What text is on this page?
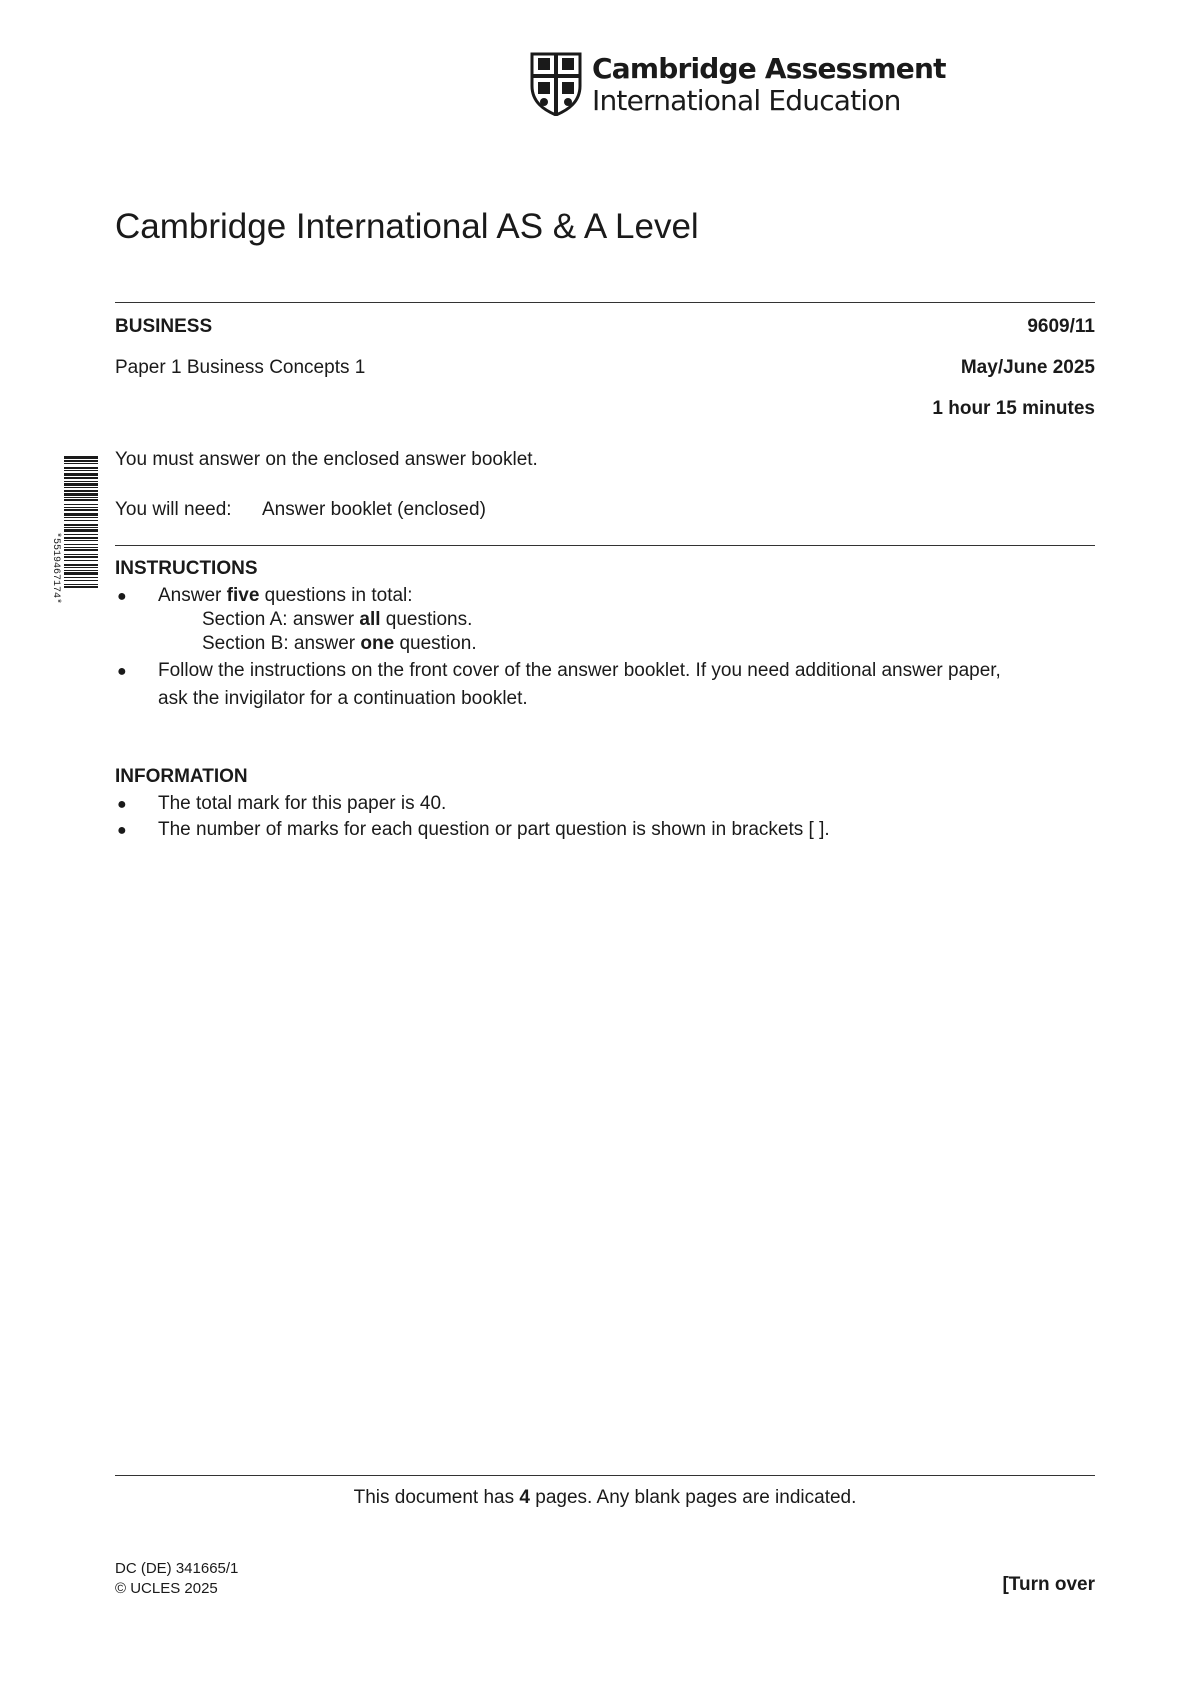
Cambridge Assessment
International Education
Cambridge International AS & A Level
BUSINESS	9609/11
Paper 1 Business Concepts 1	May/June 2025
1 hour 15 minutes
*5519467174*
You must answer on the enclosed answer booklet.
You will need: Answer booklet (enclosed)
INSTRUCTIONS
● Answer five questions in total:
Section A: answer all questions.
Section B: answer one question.
● Follow the instructions on the front cover of the answer booklet. If you need additional answer paper,
ask the invigilator for a continuation booklet.
INFORMATION
● The total mark for this paper is 40.
● The number of marks for each question or part question is shown in brackets [ ].
This document has 4 pages. Any blank pages are indicated.
DC (DE) 341665/1
© UCLES 2025	[Turn over
